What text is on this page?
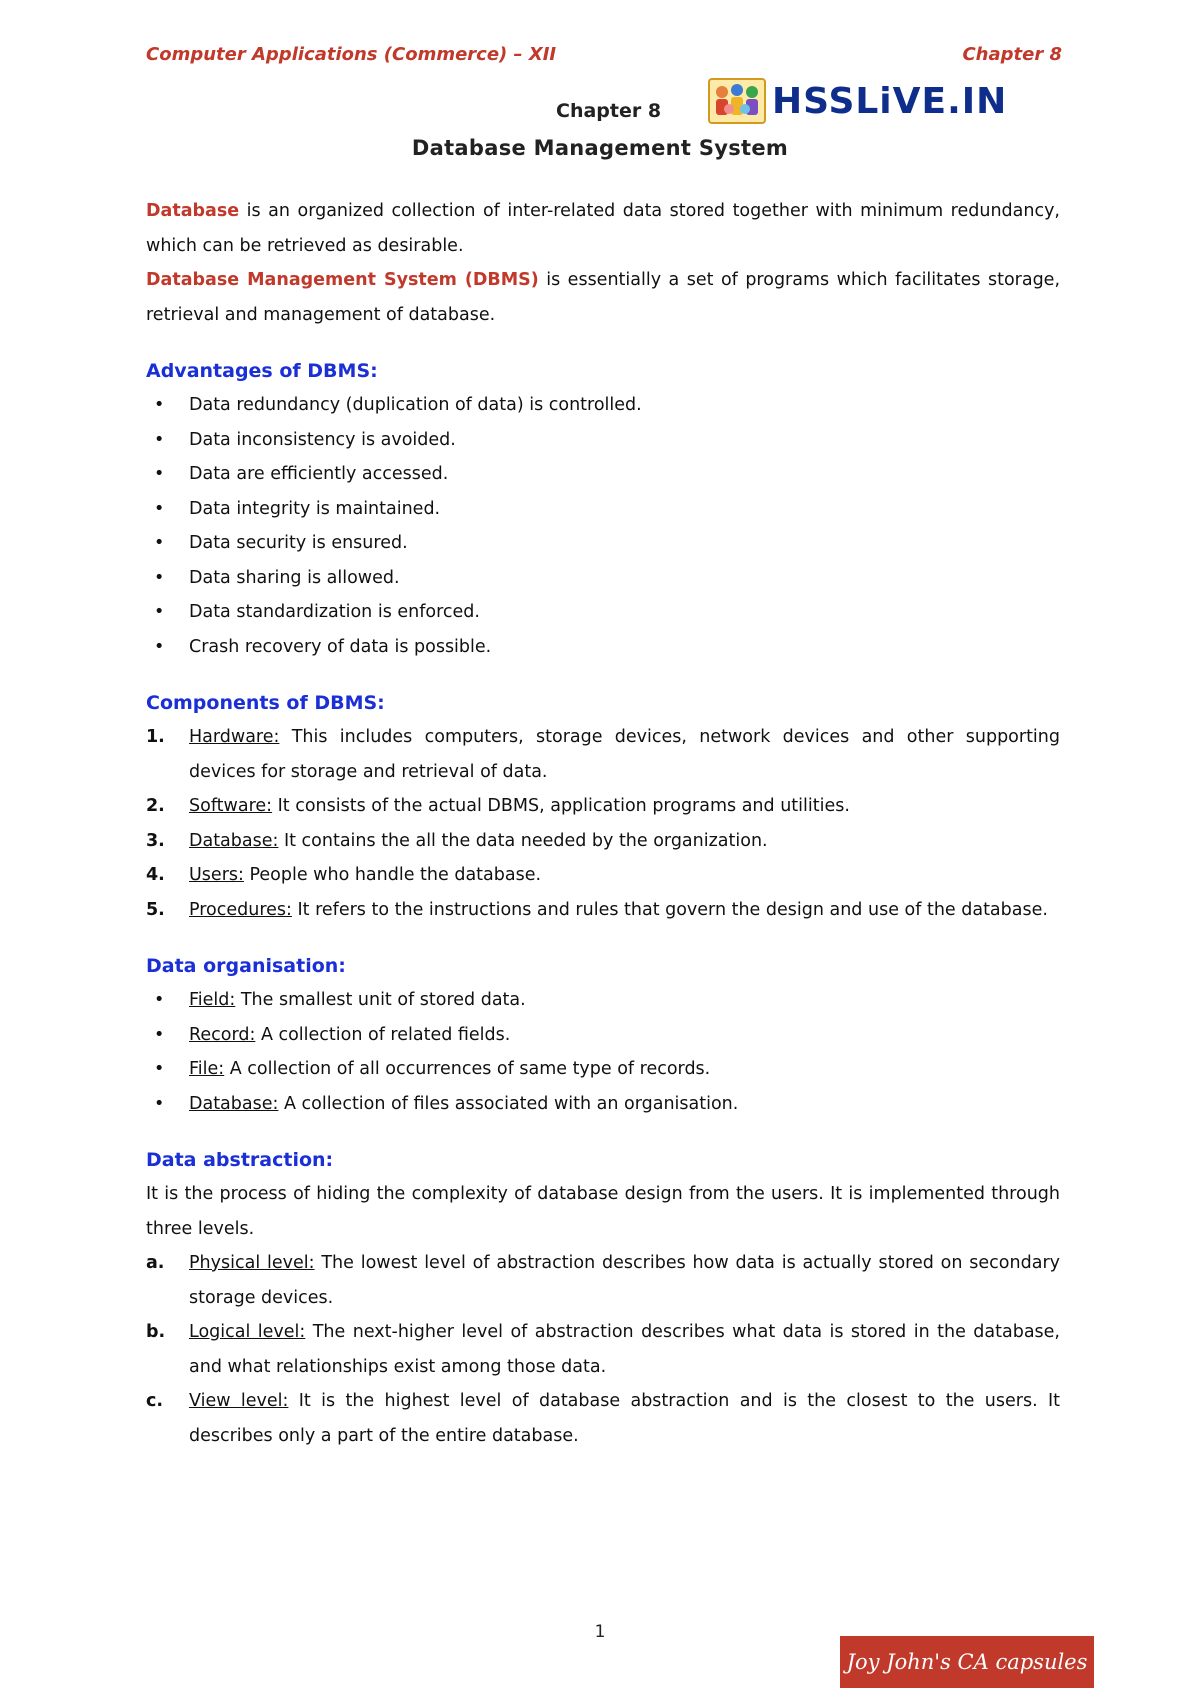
Computer Applications (Commerce) – XII	Chapter 8
Chapter 8	HSSLiVE.IN
Database Management System

Database is an organized collection of inter-related data stored together with minimum redundancy, which can be retrieved as desirable.

Database Management System (DBMS) is essentially a set of programs which facilitates storage, retrieval and management of database.

Advantages of DBMS:
• Data redundancy (duplication of data) is controlled.
• Data inconsistency is avoided.
• Data are efficiently accessed.
• Data integrity is maintained.
• Data security is ensured.
• Data sharing is allowed.
• Data standardization is enforced.
• Crash recovery of data is possible.
Components of DBMS:
1.	Hardware: This includes computers, storage devices, network devices and other supporting devices for storage and retrieval of data.
2.	Software: It consists of the actual DBMS, application programs and utilities.
3.	Database: It contains the all the data needed by the organization.
4.	Users: People who handle the database.
5.	Procedures: It refers to the instructions and rules that govern the design and use of the database.
Data organisation:
• Field: The smallest unit of stored data.
• Record: A collection of related fields.
• File: A collection of all occurrences of same type of records.
• Database: A collection of files associated with an organisation.
Data abstraction:

It is the process of hiding the complexity of database design from the users. It is implemented through three levels.

a.	Physical level: The lowest level of abstraction describes how data is actually stored on secondary storage devices.
b.	Logical level: The next-higher level of abstraction describes what data is stored in the database, and what relationships exist among those data.
c.	View level: It is the highest level of database abstraction and is the closest to the users. It describes only a part of the entire database.
1
Joy John's CA capsules
